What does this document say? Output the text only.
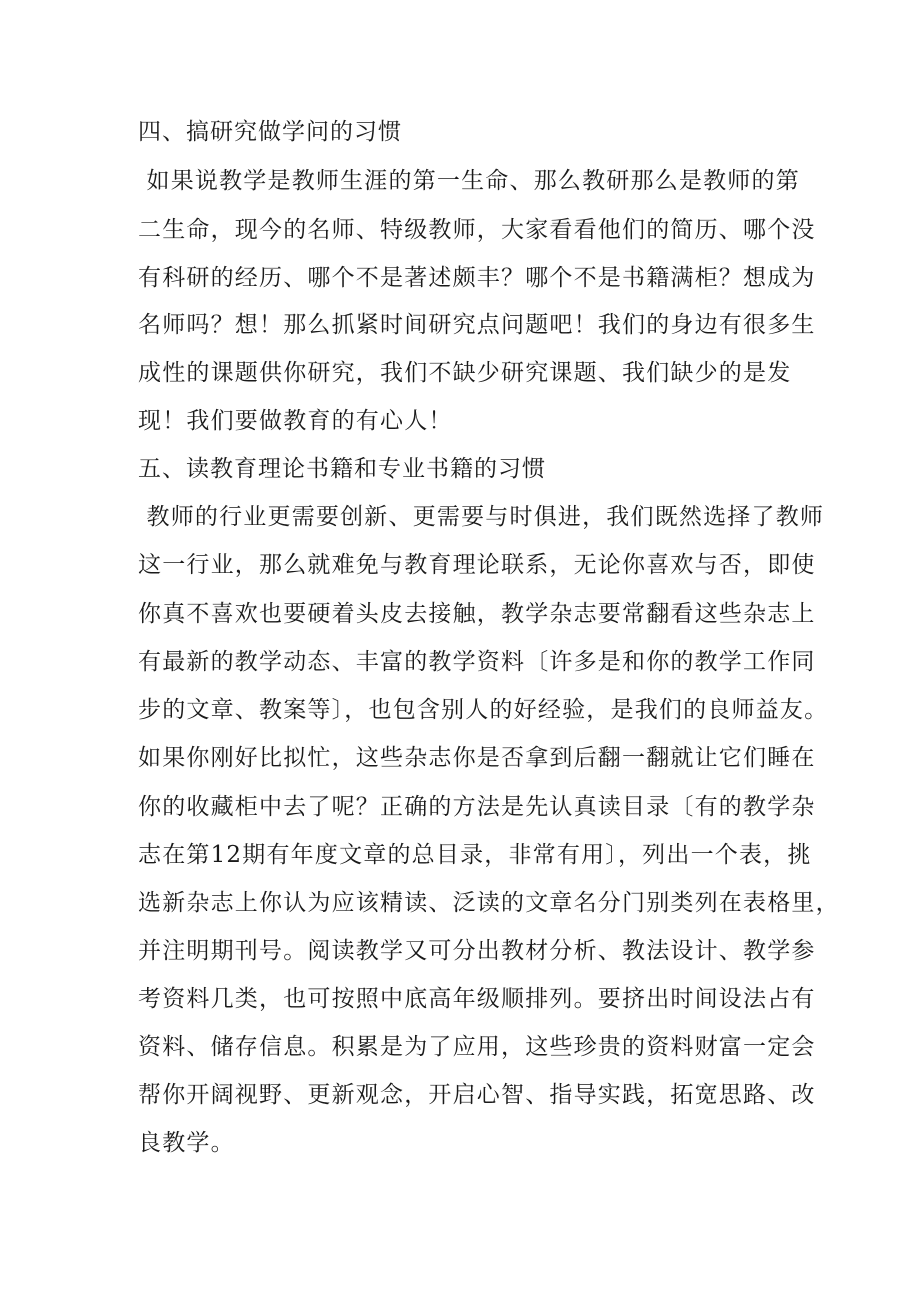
四、搞研究做学问的习惯
如果说教学是教师生涯的第一生命、那么教研那么是教师的第
二生命，现今的名师、特级教师，大家看看他们的简历、哪个没
有科研的经历、哪个不是著述颇丰？哪个不是书籍满柜？想成为
名师吗？想！那么抓紧时间研究点问题吧！我们的身边有很多生
成性的课题供你研究，我们不缺少研究课题、我们缺少的是发
现！我们要做教育的有心人！
五、读教育理论书籍和专业书籍的习惯
教师的行业更需要创新、更需要与时俱进，我们既然选择了教师
这一行业，那么就难免与教育理论联系，无论你喜欢与否，即使
你真不喜欢也要硬着头皮去接触，教学杂志要常翻看这些杂志上
有最新的教学动态、丰富的教学资料〔许多是和你的教学工作同
步的文章、教案等〕，也包含别人的好经验，是我们的良师益友。
如果你刚好比拟忙，这些杂志你是否拿到后翻一翻就让它们睡在
你的收藏柜中去了呢？正确的方法是先认真读目录〔有的教学杂
志在第12期有年度文章的总目录，非常有用〕，列出一个表，挑
选新杂志上你认为应该精读、泛读的文章名分门别类列在表格里，
并注明期刊号。阅读教学又可分出教材分析、教法设计、教学参
考资料几类，也可按照中底高年级顺排列。要挤出时间设法占有
资料、储存信息。积累是为了应用，这些珍贵的资料财富一定会
帮你开阔视野、更新观念，开启心智、指导实践，拓宽思路、改
良教学。
